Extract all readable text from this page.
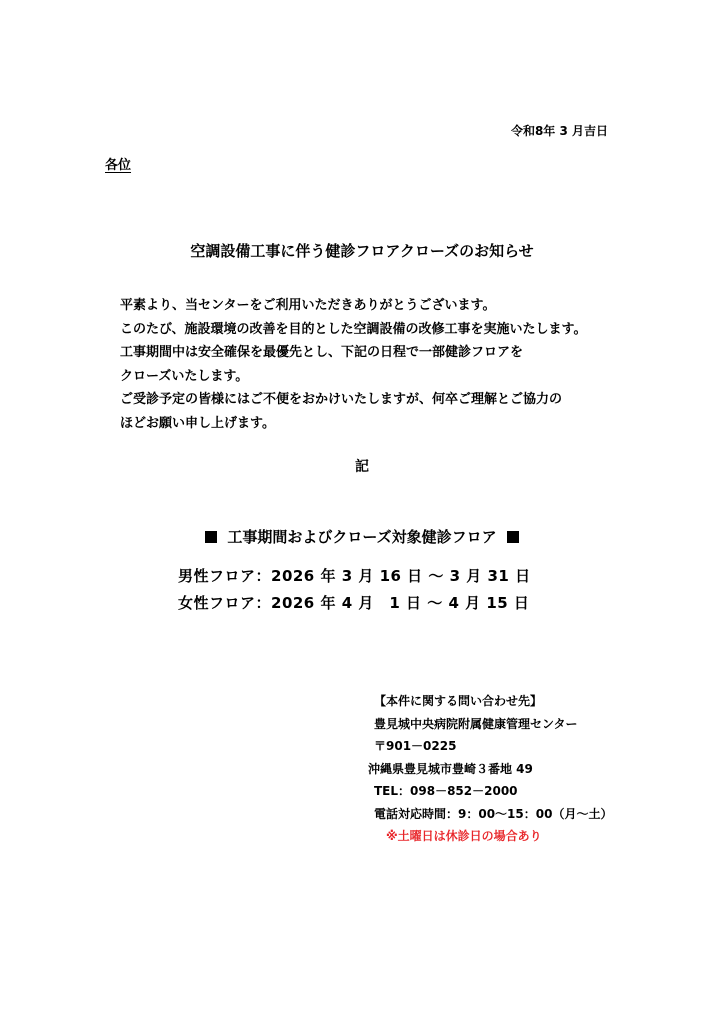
令和8年 3 月吉日
各位
空調設備工事に伴う健診フロアクローズのお知らせ
平素より、当センターをご利用いただきありがとうございます。
このたび、施設環境の改善を目的とした空調設備の改修工事を実施いたします。
工事期間中は安全確保を最優先とし、下記の日程で一部健診フロアを
クローズいたします。
ご受診予定の皆様にはご不便をおかけいたしますが、何卒ご理解とご協力の
ほどお願い申し上げます。
記
工事期間およびクローズ対象健診フロア
男性フロア：2026 年 3 月 16 日 ～ 3 月 31 日
女性フロア：2026 年 4 月　1 日 ～ 4 月 15 日
【本件に関する問い合わせ先】
豊見城中央病院附属健康管理センター
〒901－0225
沖縄県豊見城市豊崎３番地 49
TEL：098－852－2000
電話対応時間：9：00～15：00（月～土）
※土曜日は休診日の場合あり
